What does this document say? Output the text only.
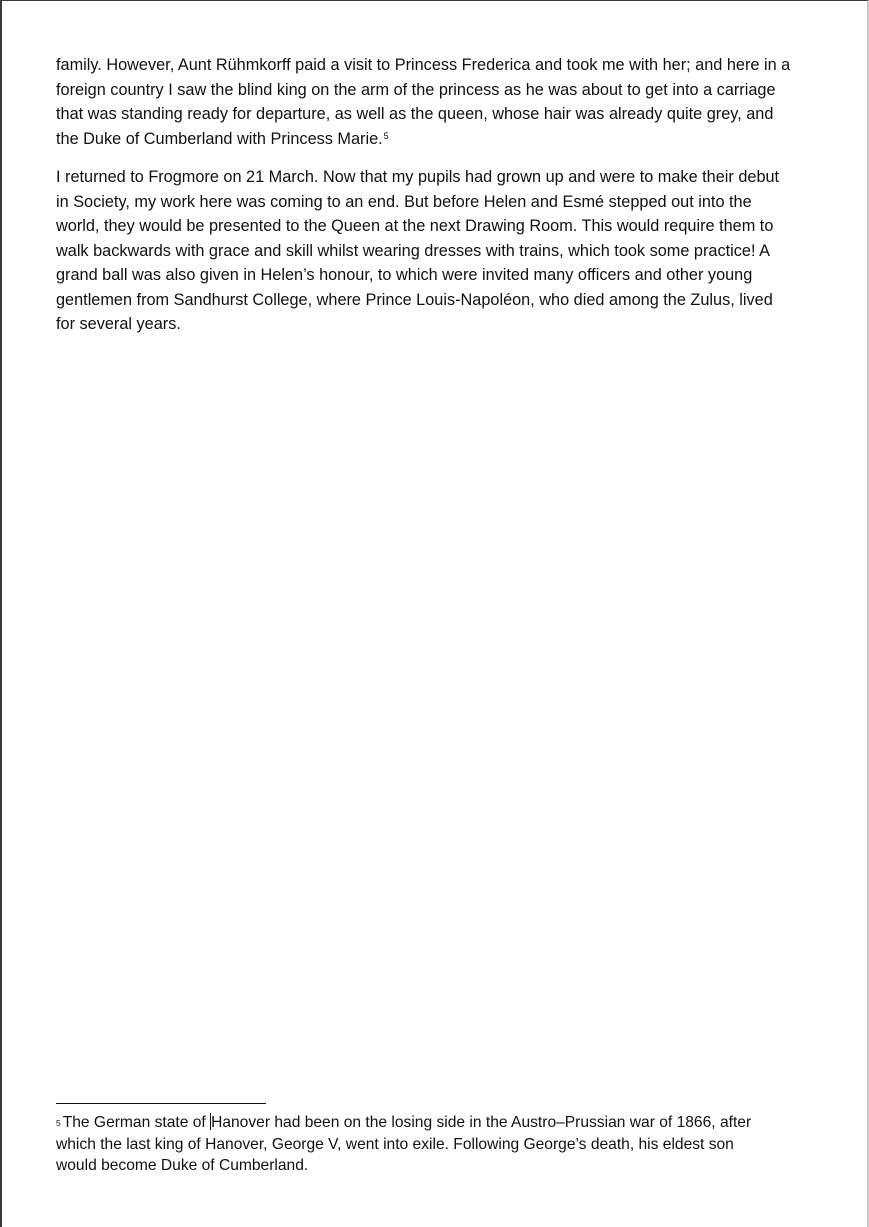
family. However, Aunt Rühmkorff paid a visit to Princess Frederica and took me with her; and here in a
foreign country I saw the blind king on the arm of the princess as he was about to get into a carriage
that was standing ready for departure, as well as the queen, whose hair was already quite grey, and
the Duke of Cumberland with Princess Marie.$^5$

I returned to Frogmore on 21 March. Now that my pupils had grown up and were to make their debut
in Society, my work here was coming to an end. But before Helen and Esmé stepped out into the
world, they would be presented to the Queen at the next Drawing Room. This would require them to
walk backwards with grace and skill whilst wearing dresses with trains, which took some practice! A
grand ball was also given in Helen’s honour, to which were invited many officers and other young
gentlemen from Sandhurst College, where Prince Louis-Napoléon, who died among the Zulus, lived
for several years.

$^5$ The German state of Hanover had been on the losing side in the Austro–Prussian war of 1866, after
which the last king of Hanover, George V, went into exile. Following George’s death, his eldest son
would become Duke of Cumberland.
